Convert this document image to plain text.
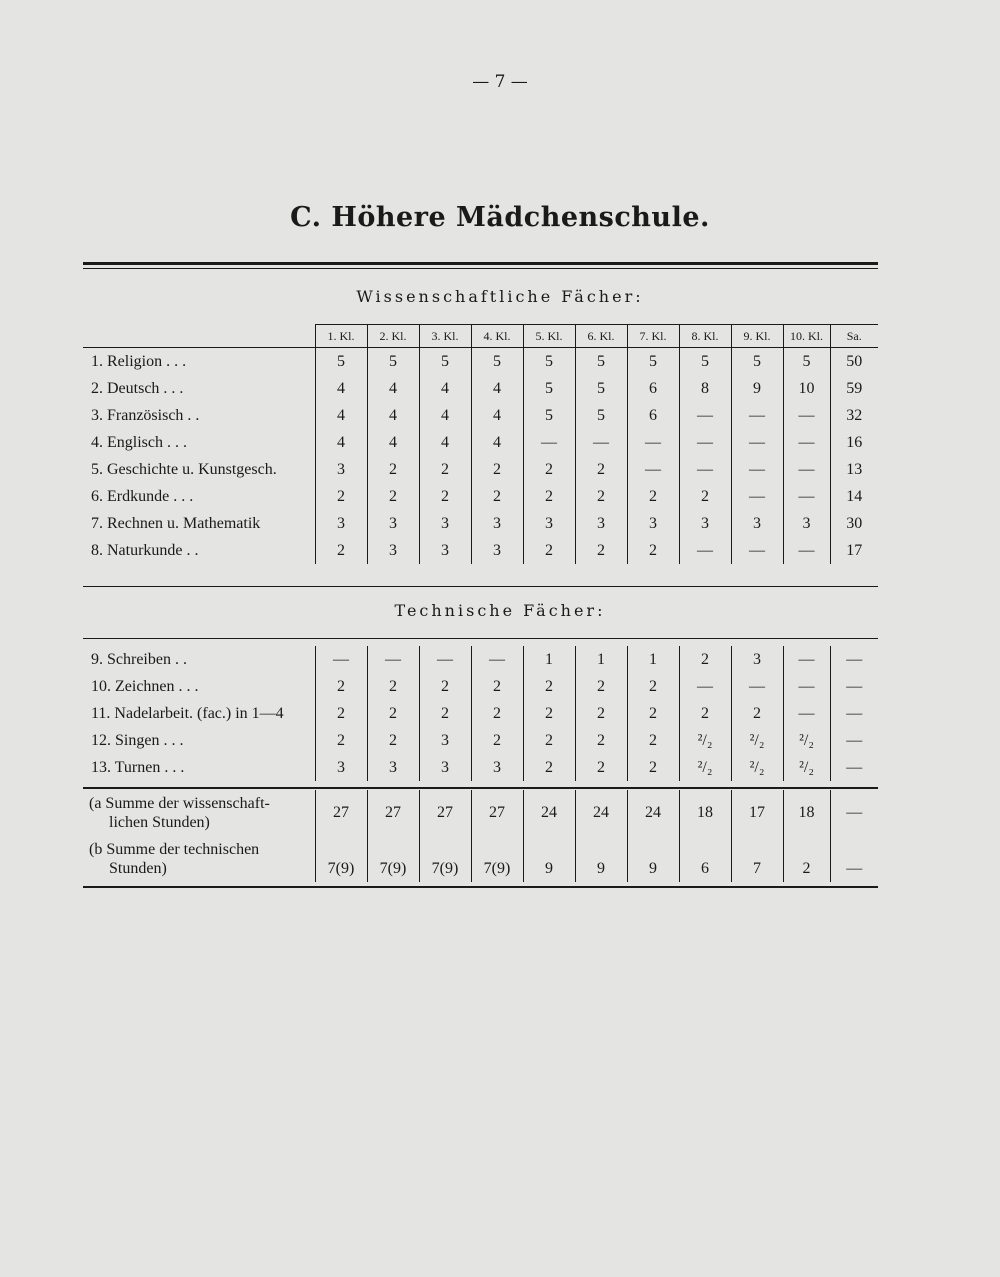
— 7 —
C. Höhere Mädchenschule.
Wissenschaftliche Fächer:
	1. Kl.	2. Kl.	3. Kl.	4. Kl.	5. Kl.	6. Kl.	7. Kl.	8. Kl.	9. Kl.	10. Kl.	Sa.
1. Religion . . .	5	5	5	5	5	5	5	5	5	5	50
2. Deutsch . . .	4	4	4	4	5	5	6	8	9	10	59
3. Französisch . .	4	4	4	4	5	5	6	—	—	—	32
4. Englisch . . .	4	4	4	4	—	—	—	—	—	—	16
5. Geschichte u. Kunstgesch.	3	2	2	2	2	2	—	—	—	—	13
6. Erdkunde . . .	2	2	2	2	2	2	2	2	—	—	14
7. Rechnen u. Mathematik	3	3	3	3	3	3	3	3	3	3	30
8. Naturkunde . .	2	3	3	3	2	2	2	—	—	—	17
Technische Fächer:
9. Schreiben . .	—	—	—	—	1	1	1	2	3	—	—
10. Zeichnen . . .	2	2	2	2	2	2	2	—	—	—	—
11. Nadelarbeit. (fac.) in 1—4	2	2	2	2	2	2	2	2	2	—	—
12. Singen . . .	2	2	3	2	2	2	2	²/₂	²/₂	²/₂	—
13. Turnen . . .	3	3	3	3	2	2	2	²/₂	²/₂	²/₂	—
(a Summe der wissenschaft-
lichen Stunden)	27	27	27	27	24	24	24	18	17	18	—

(b Summe der technischen
Stunden)	7(9)	7(9)	7(9)	7(9)	9	9	9	6	7	2	—
